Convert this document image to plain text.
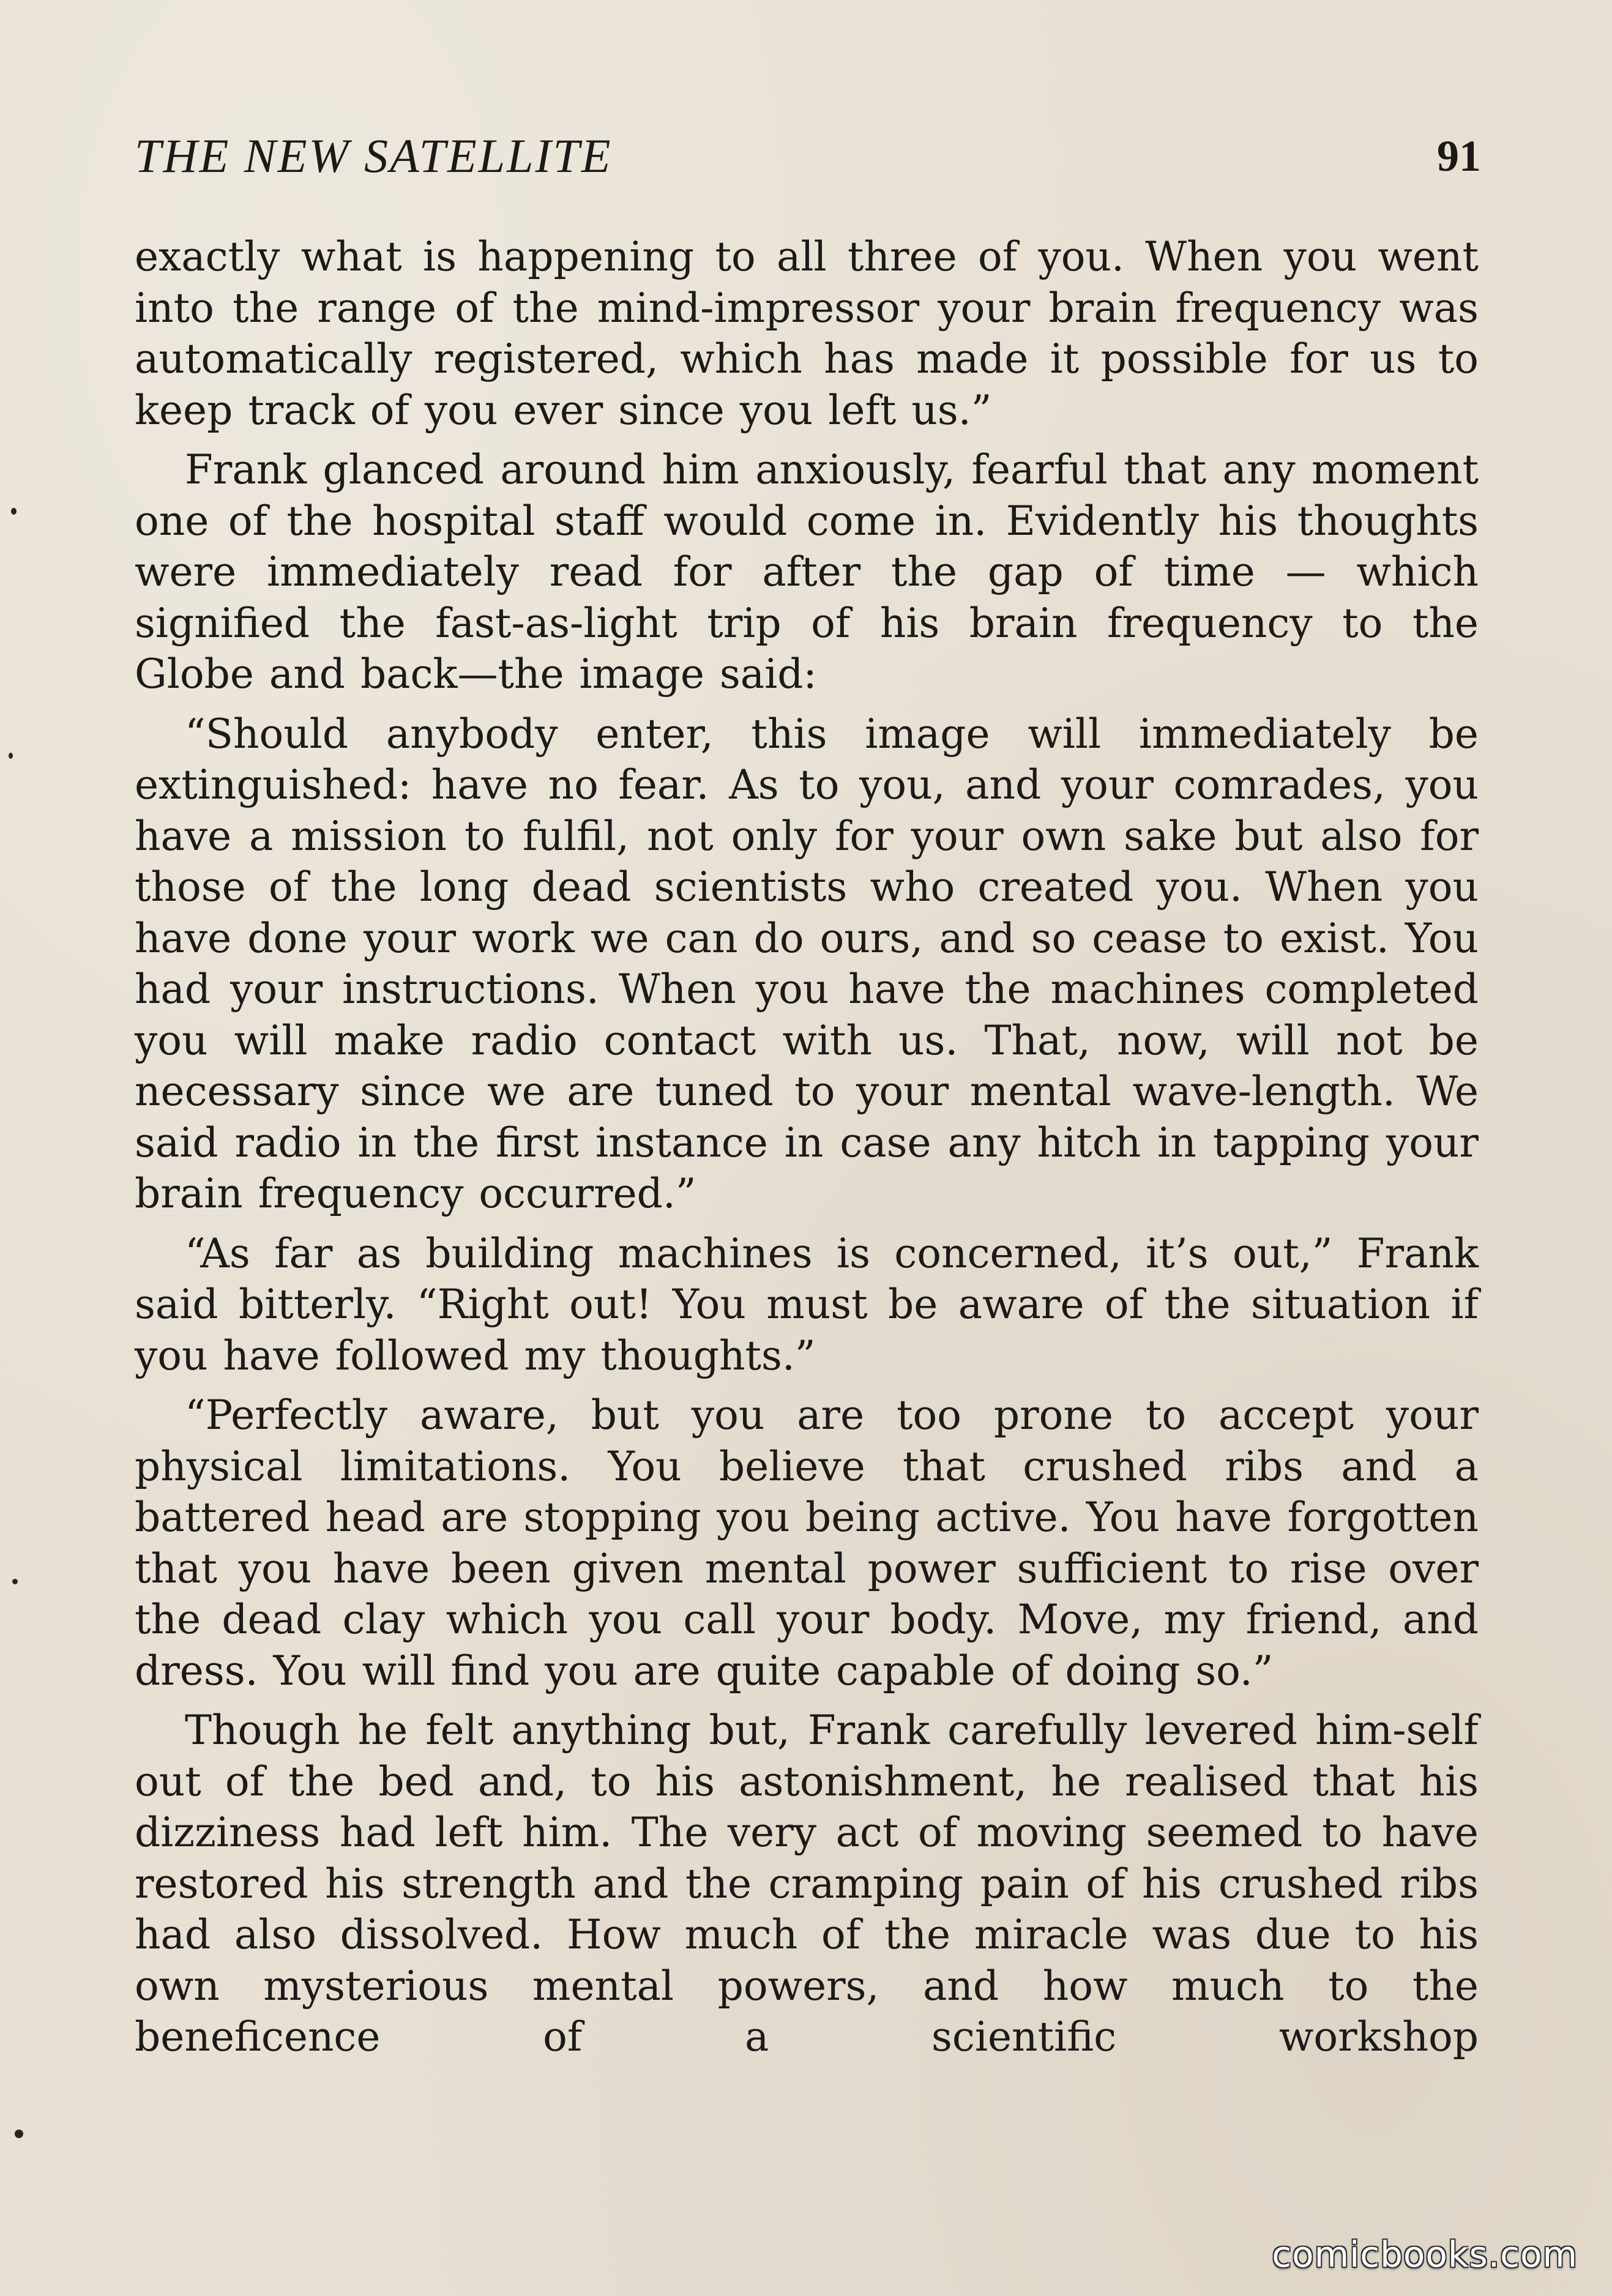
THE NEW SATELLITE	91

exactly what is happening to all three of you. When you went into the range of the mind-impressor your brain frequency was automatically registered, which has made it possible for us to keep track of you ever since you left us.”

Frank glanced around him anxiously, fearful that any moment one of the hospital staff would come in. Evidently his thoughts were immediately read for after the gap of time — which signified the fast-as-light trip of his brain frequency to the Globe and back—the image said:

“Should anybody enter, this image will immediately be extinguished: have no fear. As to you, and your comrades, you have a mission to fulfil, not only for your own sake but also for those of the long dead scientists who created you. When you have done your work we can do ours, and so cease to exist. You had your instructions. When you have the machines completed you will make radio contact with us. That, now, will not be necessary since we are tuned to your mental wave-length. We said radio in the first instance in case any hitch in tapping your brain frequency occurred.”

“As far as building machines is concerned, it’s out,” Frank said bitterly. “Right out! You must be aware of the situation if you have followed my thoughts.”

“Perfectly aware, but you are too prone to accept your physical limitations. You believe that crushed ribs and a battered head are stopping you being active. You have forgotten that you have been given mental power sufficient to rise over the dead clay which you call your body. Move, my friend, and dress. You will find you are quite capable of doing so.”

Though he felt anything but, Frank carefully levered him-self out of the bed and, to his astonishment, he realised that his dizziness had left him. The very act of moving seemed to have restored his strength and the cramping pain of his crushed ribs had also dissolved. How much of the miracle was due to his own mysterious mental powers, and how much to the beneficence of a scientific workshop

comicbooks.com
